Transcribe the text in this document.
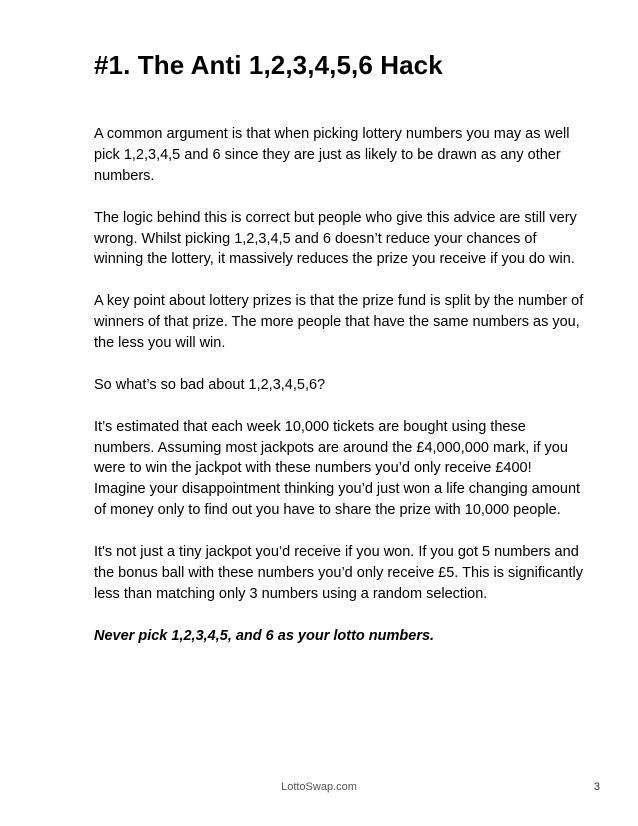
#1. The Anti 1,2,3,4,5,6 Hack

A common argument is that when picking lottery numbers you may as well pick 1,2,3,4,5 and 6 since they are just as likely to be drawn as any other numbers.

The logic behind this is correct but people who give this advice are still very wrong. Whilst picking 1,2,3,4,5 and 6 doesn’t reduce your chances of winning the lottery, it massively reduces the prize you receive if you do win.

A key point about lottery prizes is that the prize fund is split by the number of winners of that prize. The more people that have the same numbers as you, the less you will win.

So what’s so bad about 1,2,3,4,5,6?

It’s estimated that each week 10,000 tickets are bought using these numbers. Assuming most jackpots are around the £4,000,000 mark, if you were to win the jackpot with these numbers you’d only receive £400! Imagine your disappointment thinking you’d just won a life changing amount of money only to find out you have to share the prize with 10,000 people.

It's not just a tiny jackpot you’d receive if you won. If you got 5 numbers and the bonus ball with these numbers you’d only receive £5. This is significantly less than matching only 3 numbers using a random selection.

Never pick 1,2,3,4,5, and 6 as your lotto numbers.

LottoSwap.com	3
